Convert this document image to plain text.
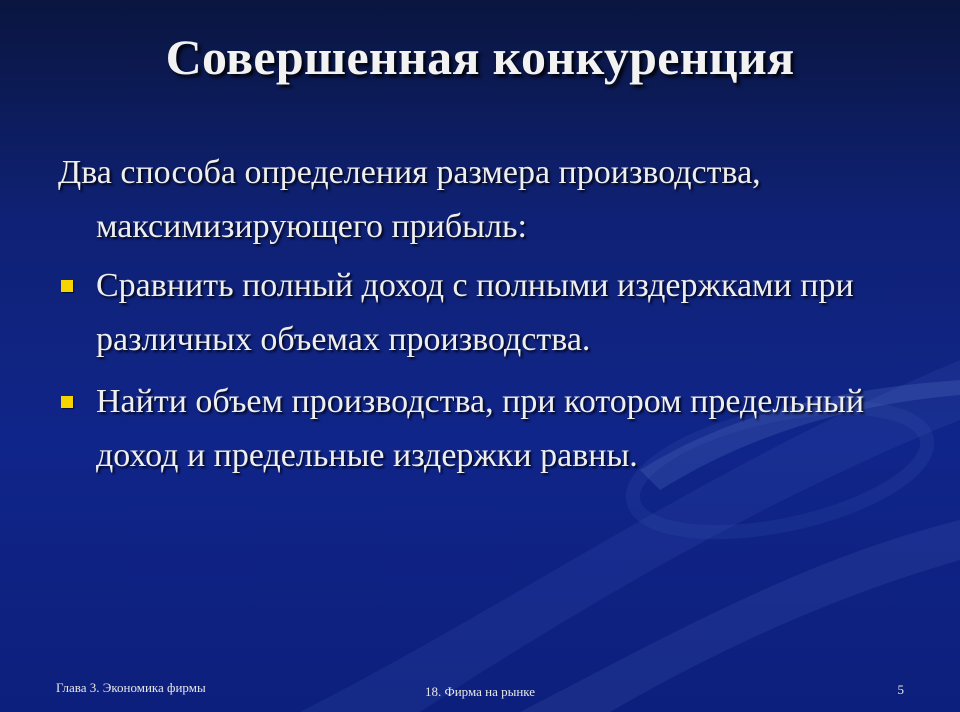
Совершенная конкуренция

Два способа определения размера производства, максимизирующего прибыль:

Сравнить полный доход с полными издержками при различных объемах производства.
Найти объем производства, при котором предельный доход и предельные издержки равны.
Глава 3. Экономика фирмы	18. Фирма на рынке	5
